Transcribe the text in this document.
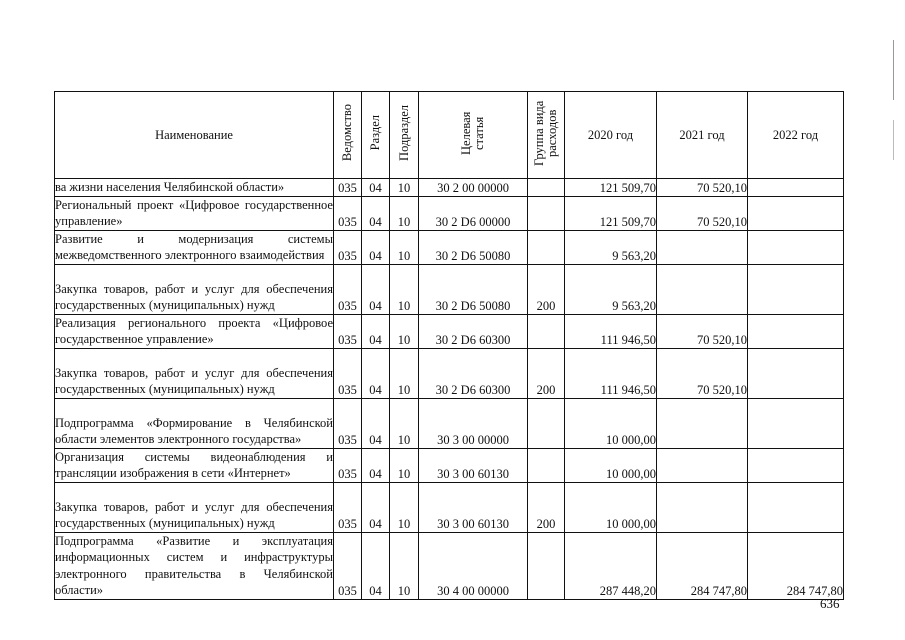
Наименование	Ведомство	Раздел	Подраздел	Целевая статья	Группа вида расходов	2020 год	2021 год	2022 год
ва жизни населения Челябинской области»	035	04	10	30 2 00 00000		121 509,70	70 520,10	
Региональный проект «Цифровое государственное управление»	035	04	10	30 2 D6 00000		121 509,70	70 520,10	
Развитие и модернизация системы межведомственного электронного взаимодействия	035	04	10	30 2 D6 50080		9 563,20		
Закупка товаров, работ и услуг для обеспечения государственных (муниципальных) нужд	035	04	10	30 2 D6 50080	200	9 563,20		
Реализация регионального проекта «Цифровое государственное управление»	035	04	10	30 2 D6 60300		111 946,50	70 520,10	
Закупка товаров, работ и услуг для обеспечения государственных (муниципальных) нужд	035	04	10	30 2 D6 60300	200	111 946,50	70 520,10	
Подпрограмма «Формирование в Челябинской области элементов электронного государства»	035	04	10	30 3 00 00000		10 000,00		
Организация системы видеонаблюдения и трансляции изображения в сети «Интернет»	035	04	10	30 3 00 60130		10 000,00		
Закупка товаров, работ и услуг для обеспечения государственных (муниципальных) нужд	035	04	10	30 3 00 60130	200	10 000,00		
Подпрограмма «Развитие и эксплуатация информационных систем и инфраструктуры электронного правительства в Челябинской области»	035	04	10	30 4 00 00000		287 448,20	284 747,80	284 747,80
636
